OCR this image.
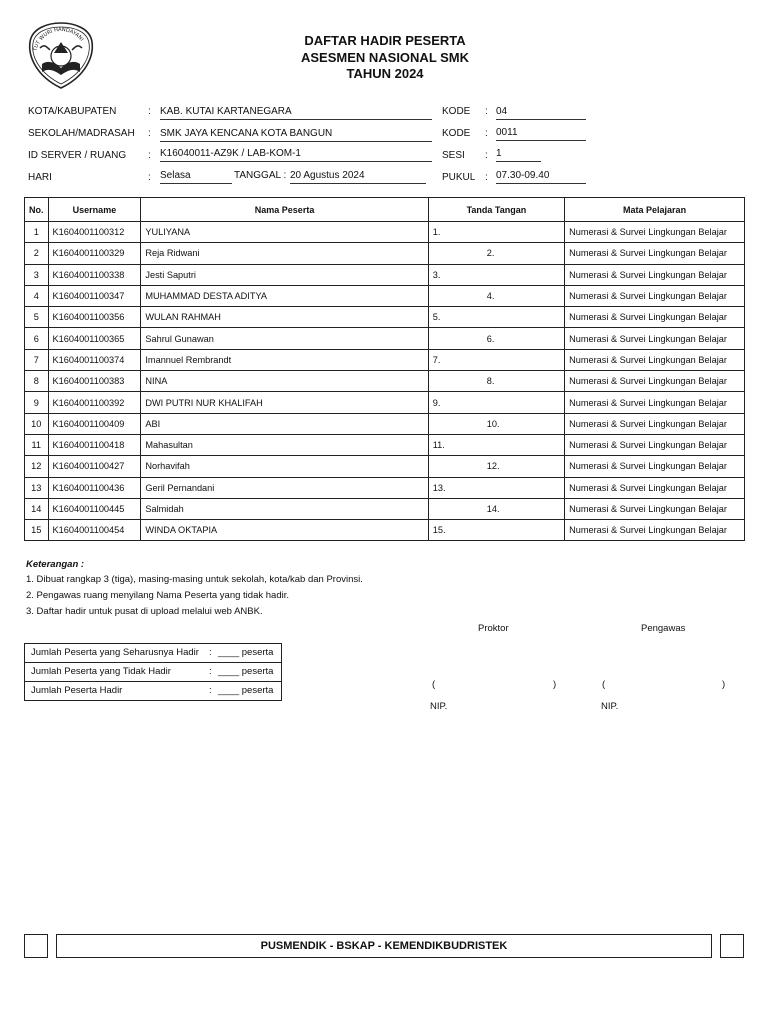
TUT WURI HANDAYANI	DAFTAR HADIR PESERTA
ASESMEN NASIONAL SMK
TAHUN 2024
KOTA/KABUPATEN	: KAB. KUTAI KARTANEGARA
SEKOLAH/MADRASAH : SMK JAYA KENCANA KOTA BANGUN
ID SERVER / RUANG : K16040011-AZ9K / LAB-KOM-1
HARI	: Selasa	TANGGAL : 20 Agustus 2024
KODE : 04
KODE : 0011
SESI : 1
PUKUL : 07.30-09.40
No.	Username	Nama Peserta	Tanda Tangan	Mata Pelajaran
1	K1604001100312	YULIYANA	1.	Numerasi & Survei Lingkungan Belajar
2	K1604001100329	Reja Ridwani	2.	Numerasi & Survei Lingkungan Belajar
3	K1604001100338	Jesti Saputri	3.	Numerasi & Survei Lingkungan Belajar
4	K1604001100347	MUHAMMAD DESTA ADITYA	4.	Numerasi & Survei Lingkungan Belajar
5	K1604001100356	WULAN RAHMAH	5.	Numerasi & Survei Lingkungan Belajar
6	K1604001100365	Sahrul Gunawan	6.	Numerasi & Survei Lingkungan Belajar
7	K1604001100374	Imannuel Rembrandt	7.	Numerasi & Survei Lingkungan Belajar
8	K1604001100383	NINA	8.	Numerasi & Survei Lingkungan Belajar
9	K1604001100392	DWI PUTRI NUR KHALIFAH	9.	Numerasi & Survei Lingkungan Belajar
10	K1604001100409	ABI	10.	Numerasi & Survei Lingkungan Belajar
11	K1604001100418	Mahasultan	11.	Numerasi & Survei Lingkungan Belajar
12	K1604001100427	Norhavifah	12.	Numerasi & Survei Lingkungan Belajar
13	K1604001100436	Geril Pernandani	13.	Numerasi & Survei Lingkungan Belajar
14	K1604001100445	Salmidah	14.	Numerasi & Survei Lingkungan Belajar
15	K1604001100454	WINDA OKTAPIA	15.	Numerasi & Survei Lingkungan Belajar
Keterangan :
1. Dibuat rangkap 3 (tiga), masing-masing untuk sekolah, kota/kab dan Provinsi.
2. Pengawas ruang menyilang Nama Peserta yang tidak hadir.
3. Daftar hadir untuk pusat di upload melalui web ANBK.
Jumlah Peserta yang Seharusnya Hadir : ____ peserta
Jumlah Peserta yang Tidak Hadir	: ____ peserta
Jumlah Peserta Hadir	: ____ peserta
Proktor	Pengawas
(	)	(	)
NIP.	NIP.
PUSMENDIK - BSKAP - KEMENDIKBUDRISTEK
